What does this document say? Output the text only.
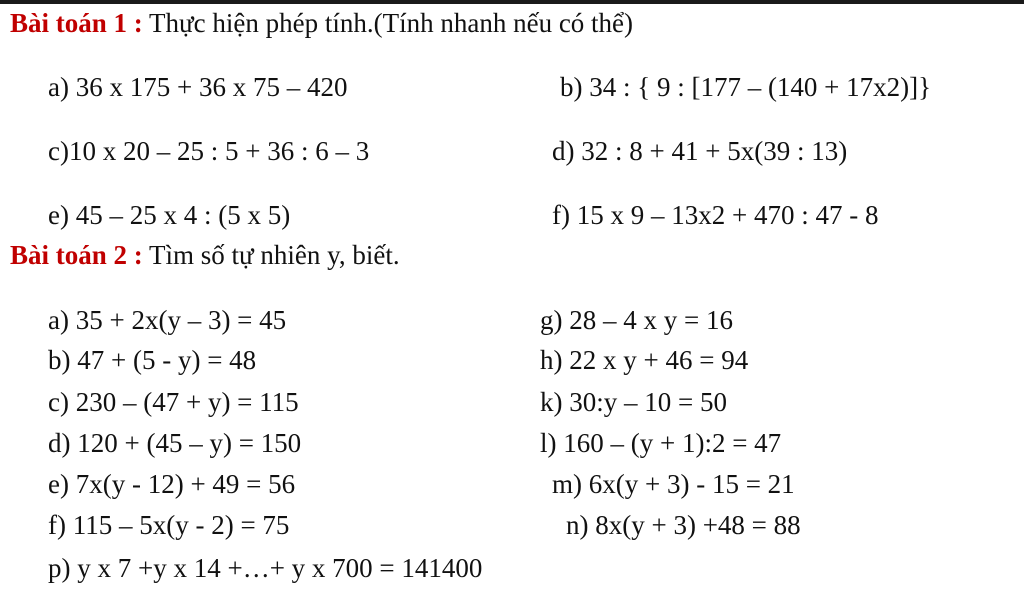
Bài toán 1 : Thực hiện phép tính.(Tính nhanh nếu có thể)
a) 36 x 175 + 36 x 75 – 420	b) 34 : { 9 : [177 – (140 + 17x2)]}
c)10 x 20 – 25 : 5 + 36 : 6 – 3	d) 32 : 8 + 41 + 5x(39 : 13)
e) 45 – 25 x 4 : (5 x 5)	f) 15 x 9 – 13x2 + 470 : 47 - 8
Bài toán 2 : Tìm số tự nhiên y, biết.
a) 35 + 2x(y – 3) = 45	g) 28 – 4 x y = 16
b) 47 + (5 - y) = 48	h) 22 x y + 46 = 94
c) 230 – (47 + y) = 115	k) 30:y – 10 = 50
d) 120 + (45 – y) = 150	l) 160 – (y + 1):2 = 47
e) 7x(y - 12) + 49 = 56	m) 6x(y + 3) - 15 = 21
f) 115 – 5x(y - 2) = 75	n) 8x(y + 3) +48 = 88
p) y x 7 +y x 14 +…+ y x 700 = 141400
